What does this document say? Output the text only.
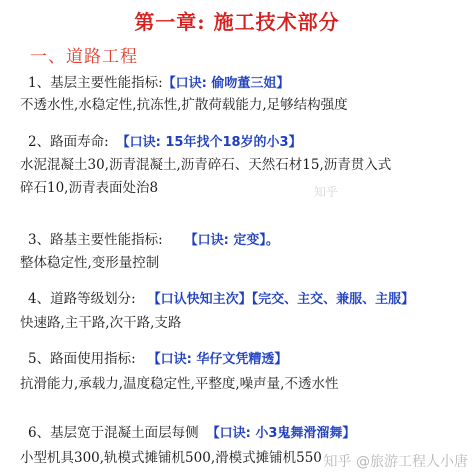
第一章: 施工技术部分
一、道路工程
1、基层主要性能指标:【口诀: 偷吻董三姐】
不透水性,水稳定性,抗冻性,扩散荷载能力,足够结构强度
2、路面寿命: 【口诀: 15年找个18岁的小3】
水泥混凝土30,沥青混凝土,沥青碎石、天然石材15,沥青贯入式
碎石10,沥青表面处治8	知乎
3、路基主要性能指标: 【口诀: 定变】。
整体稳定性,变形量控制
4、道路等级划分: 【口认快知主次】【完交、主交、兼服、主服】
快速路,主干路,次干路,支路
5、路面使用指标: 【口诀: 华仔文凭糟透】
抗滑能力,承载力,温度稳定性,平整度,噪声量,不透水性
6、基层宽于混凝土面层每侧 【口诀: 小3鬼舞滑溜舞】
小型机具300,轨模式摊铺机500,滑模式摊铺机550 知乎 @旅游工程人小唐
